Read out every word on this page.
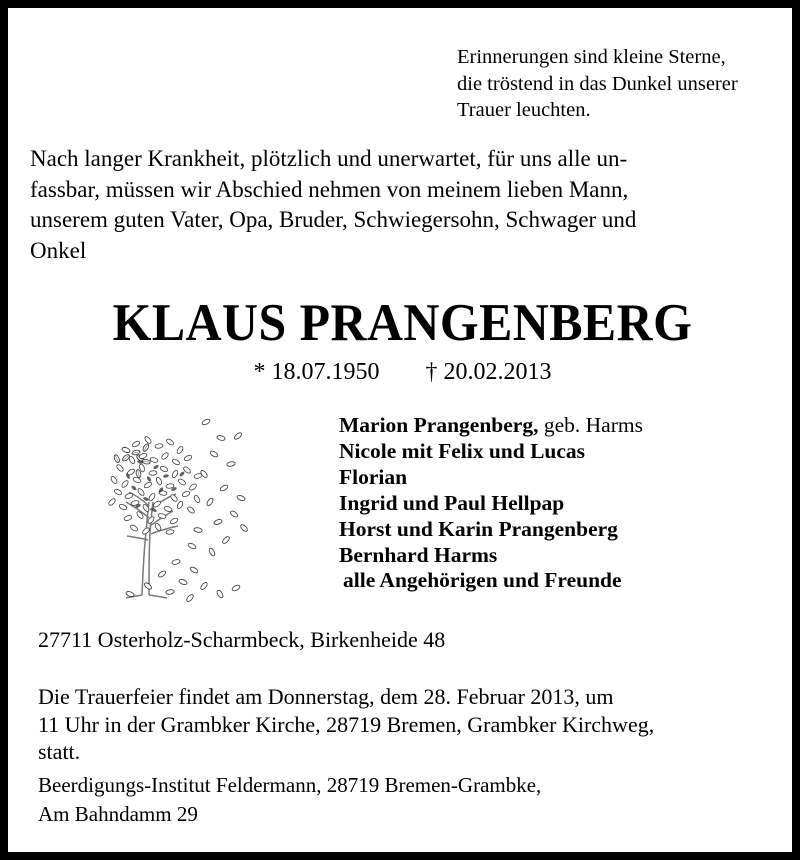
Erinnerungen sind kleine Sterne,
die tröstend in das Dunkel unserer
Trauer leuchten.
Nach langer Krankheit, plötzlich und unerwartet, für uns alle un-
fassbar, müssen wir Abschied nehmen von meinem lieben Mann,
unserem guten Vater, Opa, Bruder, Schwiegersohn, Schwager und
Onkel
KLAUS PRANGENBERG
* 18.07.1950 † 20.02.2013
Marion Prangenberg, geb. Harms
Nicole mit Felix und Lucas
Florian
Ingrid und Paul Hellpap
Horst und Karin Prangenberg
Bernhard Harms
alle Angehörigen und Freunde
27711 Osterholz-Scharmbeck, Birkenheide 48
Die Trauerfeier findet am Donnerstag, dem 28. Februar 2013, um
11 Uhr in der Grambker Kirche, 28719 Bremen, Grambker Kirchweg,
statt.
Beerdigungs-Institut Feldermann, 28719 Bremen-Grambke,
Am Bahndamm 29
